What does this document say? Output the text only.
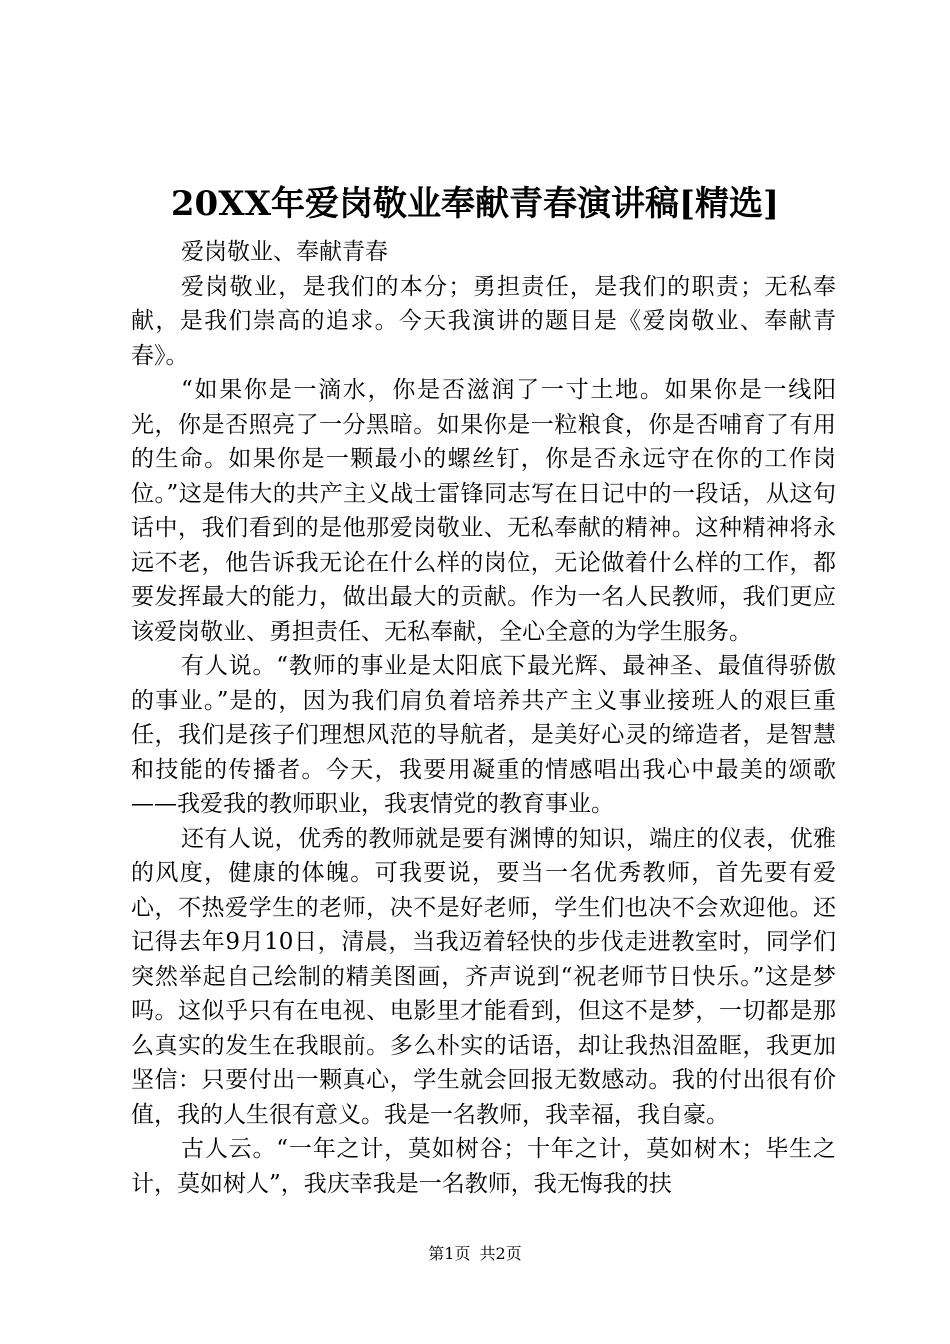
20XX年爱岗敬业奉献青春演讲稿[精选]

爱岗敬业、奉献青春

爱岗敬业，是我们的本分；勇担责任，是我们的职责；无私奉献，是我们崇高的追求。今天我演讲的题目是《爱岗敬业、奉献青春》。

“如果你是一滴水，你是否滋润了一寸土地。如果你是一线阳光，你是否照亮了一分黑暗。如果你是一粒粮食，你是否哺育了有用的生命。如果你是一颗最小的螺丝钉，你是否永远守在你的工作岗位。”这是伟大的共产主义战士雷锋同志写在日记中的一段话，从这句话中，我们看到的是他那爱岗敬业、无私奉献的精神。这种精神将永远不老，他告诉我无论在什么样的岗位，无论做着什么样的工作，都要发挥最大的能力，做出最大的贡献。作为一名人民教师，我们更应该爱岗敬业、勇担责任、无私奉献，全心全意的为学生服务。

有人说。“教师的事业是太阳底下最光辉、最神圣、最值得骄傲的事业。”是的，因为我们肩负着培养共产主义事业接班人的艰巨重任，我们是孩子们理想风范的导航者，是美好心灵的缔造者，是智慧和技能的传播者。今天，我要用凝重的情感唱出我心中最美的颂歌——我爱我的教师职业，我衷情党的教育事业。

还有人说，优秀的教师就是要有渊博的知识，端庄的仪表，优雅的风度，健康的体魄。可我要说，要当一名优秀教师，首先要有爱心，不热爱学生的老师，决不是好老师，学生们也决不会欢迎他。还记得去年9月10日，清晨，当我迈着轻快的步伐走进教室时，同学们突然举起自己绘制的精美图画，齐声说到“祝老师节日快乐。”这是梦吗。这似乎只有在电视、电影里才能看到，但这不是梦，一切都是那么真实的发生在我眼前。多么朴实的话语，却让我热泪盈眶，我更加坚信：只要付出一颗真心，学生就会回报无数感动。我的付出很有价值，我的人生很有意义。我是一名教师，我幸福，我自豪。

古人云。“一年之计，莫如树谷；十年之计，莫如树木；毕生之计，莫如树人”，我庆幸我是一名教师，我无悔我的扶

第1页 共2页
